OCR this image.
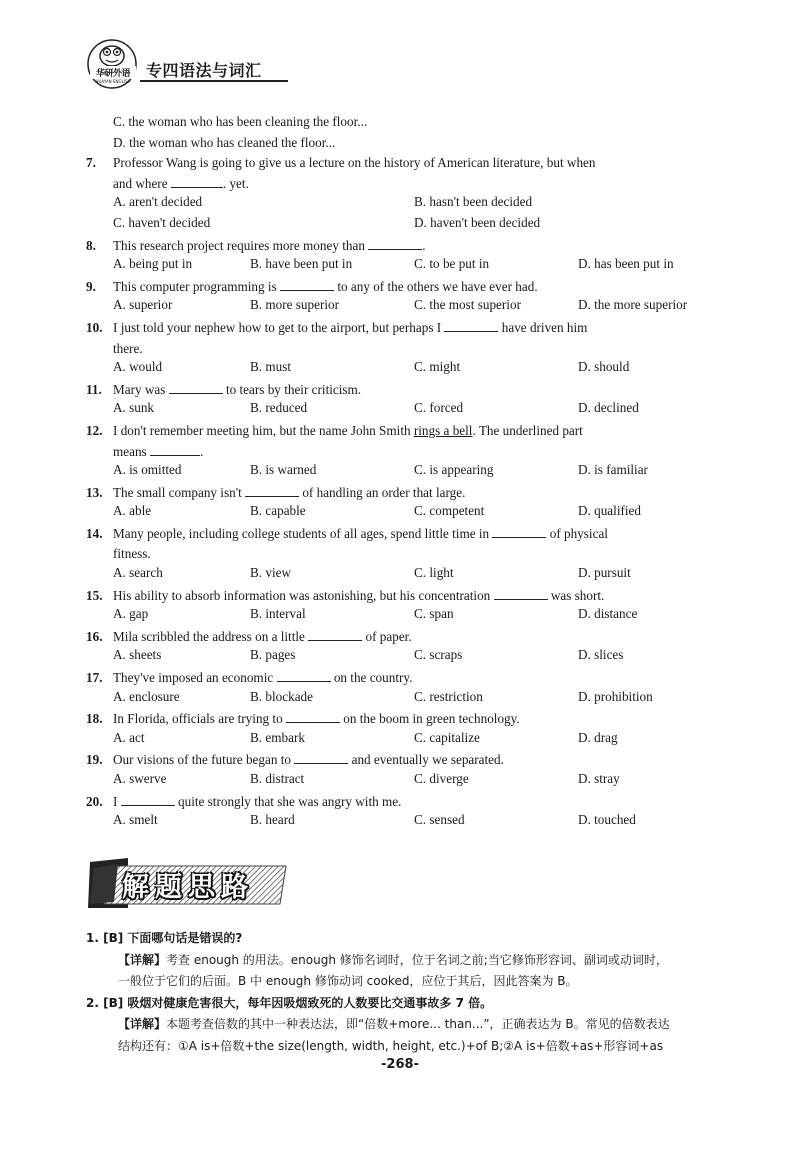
华研外语
HUAYAN ENGLISH
专四语法与词汇
C. the woman who has been cleaning the floor...
D. the woman who has cleaned the floor...
7. Professor Wang is going to give us a lecture on the history of American literature, but when
and where	. yet.
A. aren't decided	B. hasn't been decided
C. haven't decided	D. haven't been decided
8. This research project requires more money than	.
A. being put in	B. have been put in	C. to be put in	D. has been put in
9. This computer programming is	to any of the others we have ever had.
A. superior	B. more superior	C. the most superior	D. the more superior
10. I just told your nephew how to get to the airport, but perhaps I	have driven him
there.
A. would	B. must	C. might	D. should
11. Mary was	to tears by their criticism.
A. sunk	B. reduced	C. forced	D. declined
12. I don't remember meeting him, but the name John Smith rings a bell. The underlined part
means	.
A. is omitted	B. is warned	C. is appearing	D. is familiar
13. The small company isn't	of handling an order that large.
A. able	B. capable	C. competent	D. qualified
14. Many people, including college students of all ages, spend little time in	of physical
fitness.
A. search	B. view	C. light	D. pursuit
15. His ability to absorb information was astonishing, but his concentration	was short.
A. gap	B. interval	C. span	D. distance
16. Mila scribbled the address on a little	of paper.
A. sheets	B. pages	C. scraps	D. slices
17. They've imposed an economic	on the country.
A. enclosure	B. blockade	C. restriction	D. prohibition
18. In Florida, officials are trying to	on the boom in green technology.
A. act	B. embark	C. capitalize	D. drag
19. Our visions of the future began to	and eventually we separated.
A. swerve	B. distract	C. diverge	D. stray
20. I	quite strongly that she was angry with me.
A. smelt	B. heard	C. sensed	D. touched
解题思路
1. [B] 下面哪句话是错误的?
【详解】考查 enough 的用法。enough 修饰名词时，位于名词之前;当它修饰形容词、副词或动词时，
一般位于它们的后面。B 中 enough 修饰动词 cooked，应位于其后，因此答案为 B。
2. [B] 吸烟对健康危害很大，每年因吸烟致死的人数要比交通事故多 7 倍。
【详解】本题考查倍数的其中一种表达法，即“倍数+more... than...”，正确表达为 B。常见的倍数表达
结构还有：①A is+倍数+the size(length, width, height, etc.)+of B;②A is+倍数+as+形容词+as
-268-
